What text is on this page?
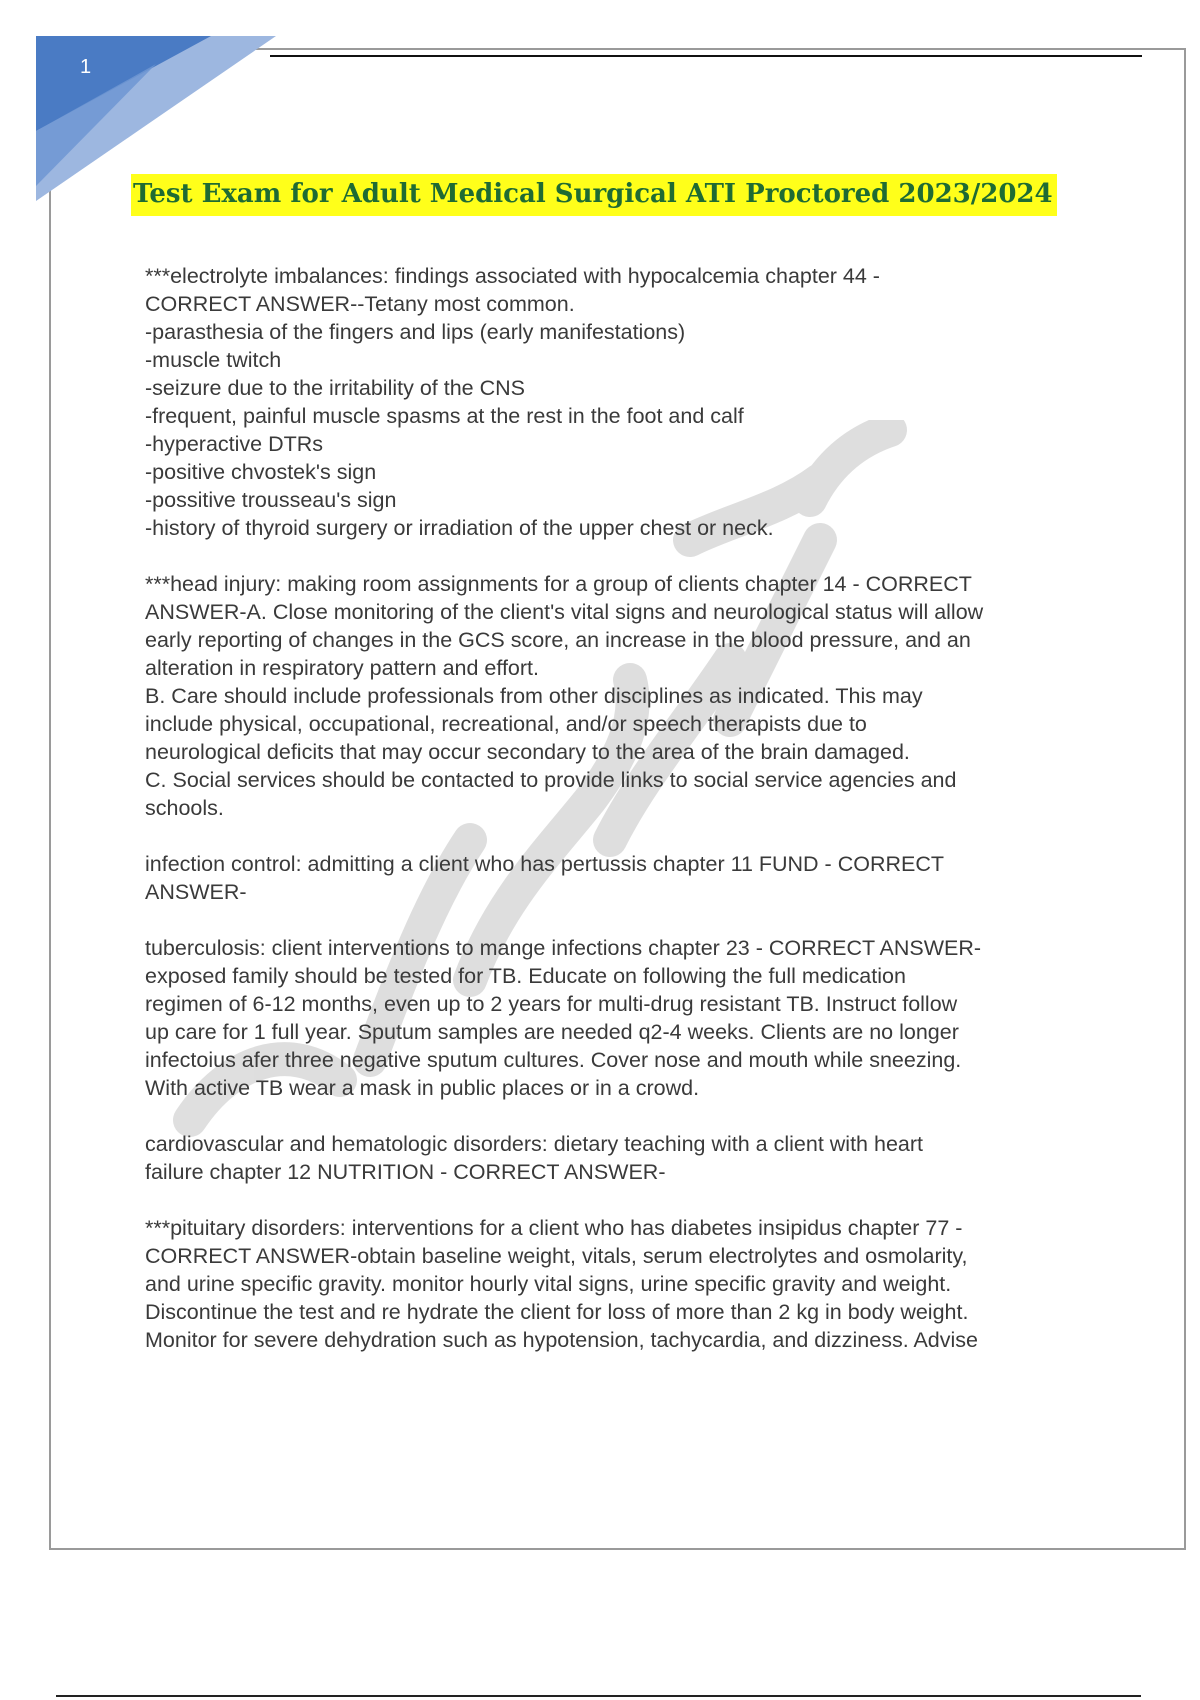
1
Test Exam for Adult Medical Surgical ATI Proctored 2023/2024
***electrolyte imbalances: findings associated with hypocalcemia chapter 44 -
CORRECT ANSWER--Tetany most common.
-parasthesia of the fingers and lips (early manifestations)
-muscle twitch
-seizure due to the irritability of the CNS
-frequent, painful muscle spasms at the rest in the foot and calf
-hyperactive DTRs
-positive chvostek's sign
-possitive trousseau's sign
-history of thyroid surgery or irradiation of the upper chest or neck.
***head injury: making room assignments for a group of clients chapter 14 - CORRECT
ANSWER-A. Close monitoring of the client's vital signs and neurological status will allow
early reporting of changes in the GCS score, an increase in the blood pressure, and an
alteration in respiratory pattern and effort.
B. Care should include professionals from other disciplines as indicated. This may
include physical, occupational, recreational, and/or speech therapists due to
neurological deficits that may occur secondary to the area of the brain damaged.
C. Social services should be contacted to provide links to social service agencies and
schools.
infection control: admitting a client who has pertussis chapter 11 FUND - CORRECT
ANSWER-
tuberculosis: client interventions to mange infections chapter 23 - CORRECT ANSWER-
exposed family should be tested for TB. Educate on following the full medication
regimen of 6-12 months, even up to 2 years for multi-drug resistant TB. Instruct follow
up care for 1 full year. Sputum samples are needed q2-4 weeks. Clients are no longer
infectoius afer three negative sputum cultures. Cover nose and mouth while sneezing.
With active TB wear a mask in public places or in a crowd.
cardiovascular and hematologic disorders: dietary teaching with a client with heart
failure chapter 12 NUTRITION - CORRECT ANSWER-
***pituitary disorders: interventions for a client who has diabetes insipidus chapter 77 -
CORRECT ANSWER-obtain baseline weight, vitals, serum electrolytes and osmolarity,
and urine specific gravity. monitor hourly vital signs, urine specific gravity and weight.
Discontinue the test and re hydrate the client for loss of more than 2 kg in body weight.
Monitor for severe dehydration such as hypotension, tachycardia, and dizziness. Advise
